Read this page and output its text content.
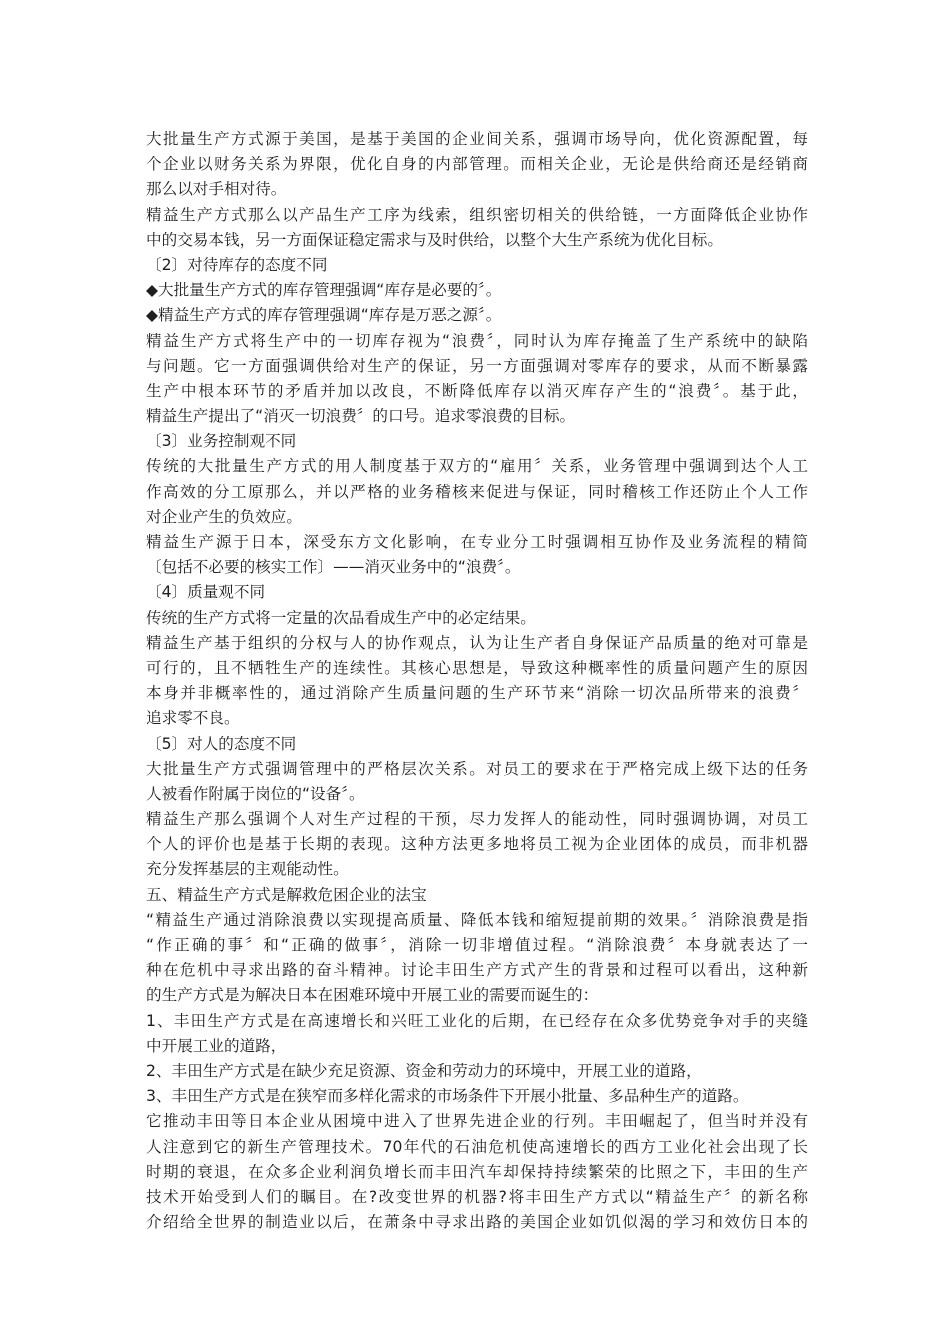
大批量生产方式源于美国，是基于美国的企业间关系，强调市场导向，优化资源配置，每
个企业以财务关系为界限，优化自身的内部管理。而相关企业，无论是供给商还是经销商
那么以对手相对待。
精益生产方式那么以产品生产工序为线索，组织密切相关的供给链，一方面降低企业协作
中的交易本钱，另一方面保证稳定需求与及时供给，以整个大生产系统为优化目标。
〔2〕对待库存的态度不同
◆大批量生产方式的库存管理强调“库存是必要的〞。
◆精益生产方式的库存管理强调“库存是万恶之源〞。
精益生产方式将生产中的一切库存视为“浪费〞，同时认为库存掩盖了生产系统中的缺陷
与问题。它一方面强调供给对生产的保证，另一方面强调对零库存的要求，从而不断暴露
生产中根本环节的矛盾并加以改良，不断降低库存以消灭库存产生的“浪费〞。基于此，
精益生产提出了“消灭一切浪费〞的口号。追求零浪费的目标。
〔3〕业务控制观不同
传统的大批量生产方式的用人制度基于双方的“雇用〞关系，业务管理中强调到达个人工
作高效的分工原那么，并以严格的业务稽核来促进与保证，同时稽核工作还防止个人工作
对企业产生的负效应。
精益生产源于日本，深受东方文化影响，在专业分工时强调相互协作及业务流程的精简
〔包括不必要的核实工作〕——消灭业务中的“浪费〞。
〔4〕质量观不同
传统的生产方式将一定量的次品看成生产中的必定结果。
精益生产基于组织的分权与人的协作观点，认为让生产者自身保证产品质量的绝对可靠是
可行的，且不牺牲生产的连续性。其核心思想是，导致这种概率性的质量问题产生的原因
本身并非概率性的，通过消除产生质量问题的生产环节来“消除一切次品所带来的浪费〞
追求零不良。
〔5〕对人的态度不同
大批量生产方式强调管理中的严格层次关系。对员工的要求在于严格完成上级下达的任务
人被看作附属于岗位的“设备〞。
精益生产那么强调个人对生产过程的干预，尽力发挥人的能动性，同时强调协调，对员工
个人的评价也是基于长期的表现。这种方法更多地将员工视为企业团体的成员，而非机器
充分发挥基层的主观能动性。
五、精益生产方式是解救危困企业的法宝
“精益生产通过消除浪费以实现提高质量、降低本钱和缩短提前期的效果。〞消除浪费是指
“作正确的事〞和“正确的做事〞，消除一切非增值过程。“消除浪费〞本身就表达了一
种在危机中寻求出路的奋斗精神。讨论丰田生产方式产生的背景和过程可以看出，这种新
的生产方式是为解决日本在困难环境中开展工业的需要而诞生的：
1、丰田生产方式是在高速增长和兴旺工业化的后期，在已经存在众多优势竞争对手的夹缝
中开展工业的道路，
2、丰田生产方式是在缺少充足资源、资金和劳动力的环境中，开展工业的道路，
3、丰田生产方式是在狭窄而多样化需求的市场条件下开展小批量、多品种生产的道路。
它推动丰田等日本企业从困境中进入了世界先进企业的行列。丰田崛起了，但当时并没有
人注意到它的新生产管理技术。70年代的石油危机使高速增长的西方工业化社会出现了长
时期的衰退，在众多企业利润负增长而丰田汽车却保持持续繁荣的比照之下，丰田的生产
技术开始受到人们的瞩目。在?改变世界的机器?将丰田生产方式以“精益生产〞的新名称
介绍给全世界的制造业以后，在萧条中寻求出路的美国企业如饥似渴的学习和效仿日本的
